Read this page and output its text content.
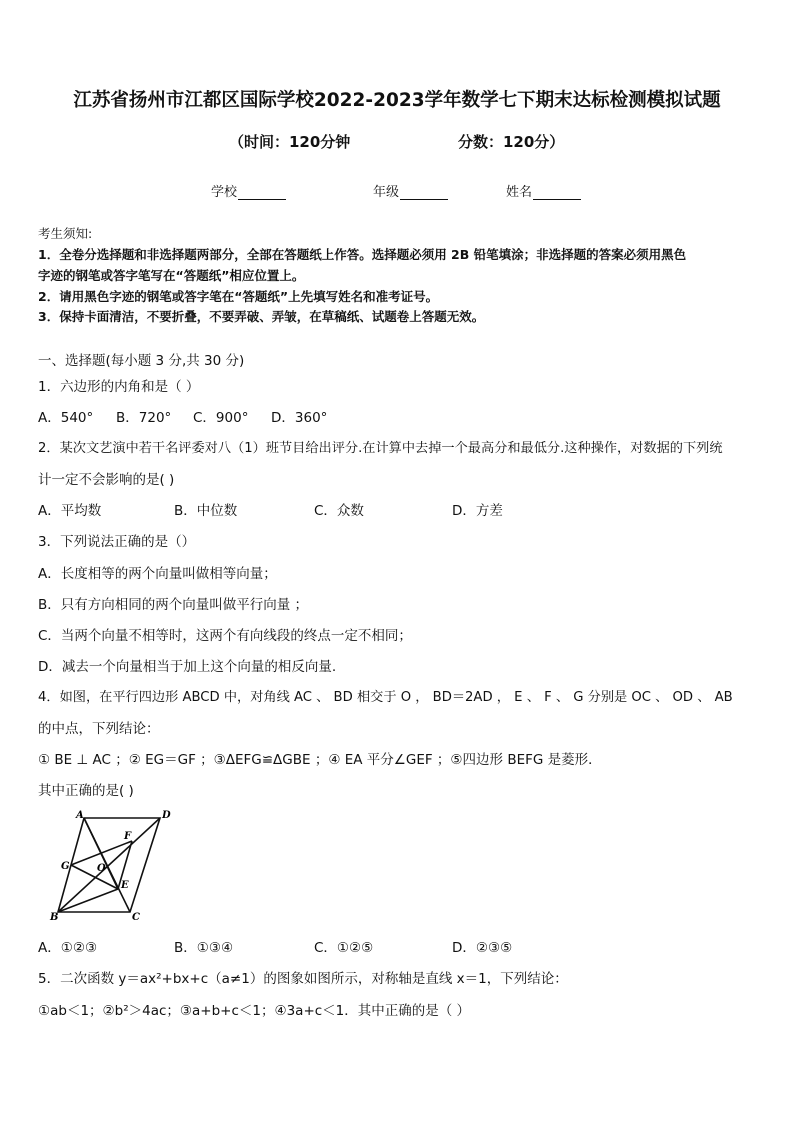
江苏省扬州市江都区国际学校2022-2023学年数学七下期末达标检测模拟试题
（时间：120分钟	分数：120分）
学校	年级	姓名
考生须知:
1．全卷分选择题和非选择题两部分，全部在答题纸上作答。选择题必须用 2B 铅笔填涂；非选择题的答案必须用黑色
字迹的钢笔或答字笔写在“答题纸”相应位置上。
2．请用黑色字迹的钢笔或答字笔在“答题纸”上先填写姓名和准考证号。
3．保持卡面清洁，不要折叠，不要弄破、弄皱，在草稿纸、试题卷上答题无效。
一、选择题(每小题 3 分,共 30 分)
1．六边形的内角和是（ ）
A．540° B．720° C．900° D．360°
2．某次文艺演中若干名评委对八（1）班节目给出评分.在计算中去掉一个最高分和最低分.这种操作，对数据的下列统
计一定不会影响的是( )
A．平均数	B．中位数	C．众数	D．方差
3．下列说法正确的是（）
A．长度相等的两个向量叫做相等向量；
B．只有方向相同的两个向量叫做平行向量 ；
C．当两个向量不相等时，这两个有向线段的终点一定不相同；
D．减去一个向量相当于加上这个向量的相反向量.
4．如图，在平行四边形 ABCD 中，对角线 AC 、 BD 相交于 O ， BD＝2AD ， E 、 F 、 G 分别是 OC 、 OD 、 AB
的中点，下列结论：
① BE ⊥ AC ；② EG＝GF ；③ΔEFG≌ΔGBE ；④ EA 平分∠GEF ；⑤四边形 BEFG 是菱形．
其中正确的是( )
A	D
F
G	O
E
B	C
A．①②③	B．①③④	C．①②⑤	D．②③⑤
5．二次函数 y＝ax²+bx+c（a≠1）的图象如图所示，对称轴是直线 x＝1，下列结论：
①ab＜1；②b²＞4ac；③a+b+c＜1；④3a+c＜1．其中正确的是（ ）
